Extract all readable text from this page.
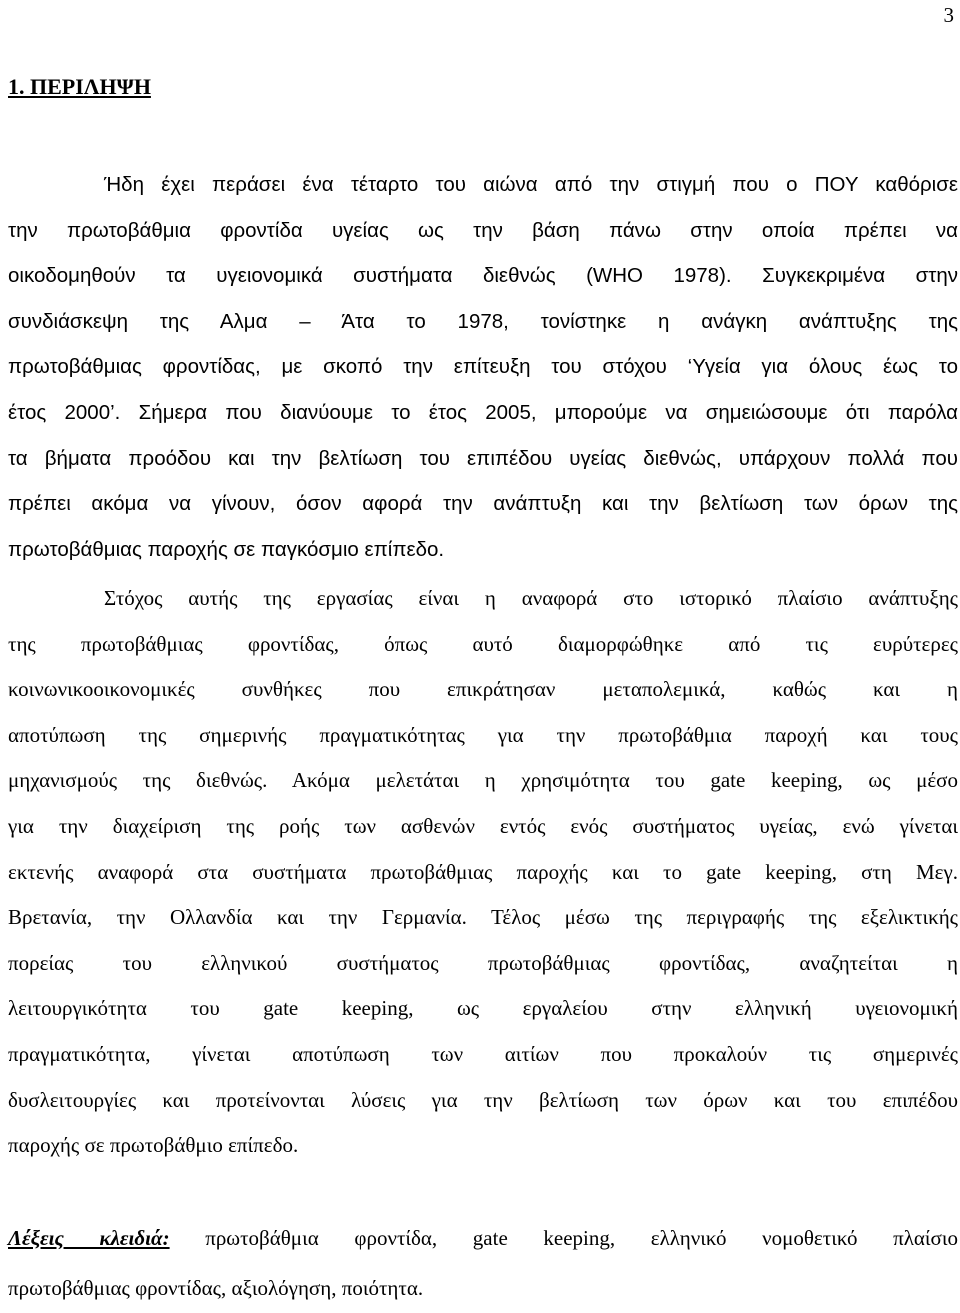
3
1. ΠΕΡΙΛΗΨΗ
Ήδη έχει περάσει ένα τέταρτο του αιώνα από την στιγμή που ο ΠΟΥ καθόρισε
την πρωτοβάθμια φροντίδα υγείας ως την βάση πάνω στην οποία πρέπει να
οικοδομηθούν τα υγειονομικά συστήματα διεθνώς (WHO 1978). Συγκεκριμένα στην
συνδιάσκεψη της Αλμα – Άτα το 1978, τονίστηκε η ανάγκη ανάπτυξης της
πρωτοβάθμιας φροντίδας, με σκοπό την επίτευξη του στόχου ‘Υγεία για όλους έως το
έτος 2000’. Σήμερα που διανύουμε το έτος 2005, μπορούμε να σημειώσουμε ότι παρόλα
τα βήματα προόδου και την βελτίωση του επιπέδου υγείας διεθνώς, υπάρχουν πολλά που
πρέπει ακόμα να γίνουν, όσον αφορά την ανάπτυξη και την βελτίωση των όρων της
πρωτοβάθμιας παροχής σε παγκόσμιο επίπεδο.
Στόχος αυτής της εργασίας είναι η αναφορά στο ιστορικό πλαίσιο ανάπτυξης
της πρωτοβάθμιας φροντίδας, όπως αυτό διαμορφώθηκε από τις ευρύτερες
κοινωνικοοικονομικές συνθήκες που επικράτησαν μεταπολεμικά, καθώς και η
αποτύπωση της σημερινής πραγματικότητας για την πρωτοβάθμια παροχή και τους
μηχανισμούς της διεθνώς. Ακόμα μελετάται η χρησιμότητα του gate keeping, ως μέσο
για την διαχείριση της ροής των ασθενών εντός ενός συστήματος υγείας, ενώ γίνεται
εκτενής αναφορά στα συστήματα πρωτοβάθμιας παροχής και το gate keeping, στη Μεγ.
Βρετανία, την Ολλανδία και την Γερμανία. Τέλος μέσω της περιγραφής της εξελικτικής
πορείας του ελληνικού συστήματος πρωτοβάθμιας φροντίδας, αναζητείται η
λειτουργικότητα του gate keeping, ως εργαλείου στην ελληνική υγειονομική
πραγματικότητα, γίνεται αποτύπωση των αιτίων που προκαλούν τις σημερινές
δυσλειτουργίες και προτείνονται λύσεις για την βελτίωση των όρων και του επιπέδου
παροχής σε πρωτοβάθμιο επίπεδο.
Λέξεις κλειδιά: πρωτοβάθμια φροντίδα, gate keeping, ελληνικό νομοθετικό πλαίσιο
πρωτοβάθμιας φροντίδας, αξιολόγηση, ποιότητα.
